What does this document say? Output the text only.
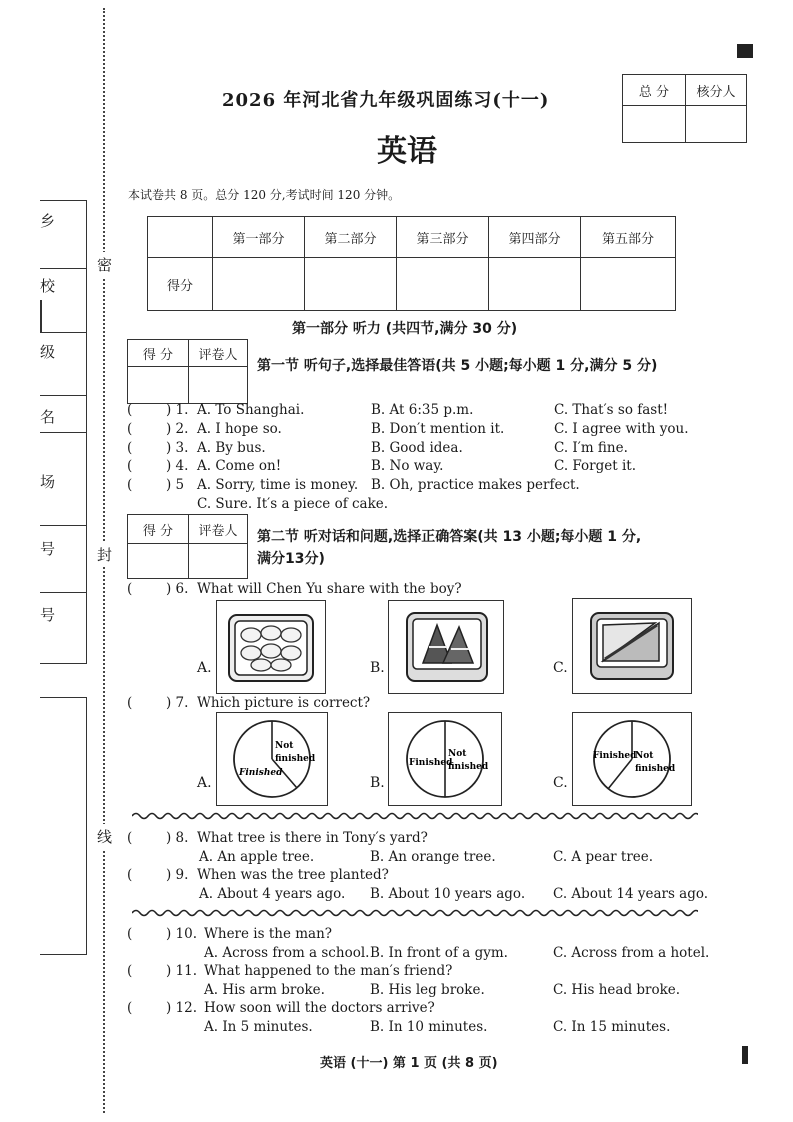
密
封
线
乡
校
级
名
场
号
号
2026 年河北省九年级巩固练习(十一)
英语
总 分	核分人

本试卷共 8 页。总分 120 分,考试时间 120 分钟。
	第一部分	第二部分	第三部分	第四部分	第五部分
得分					
第一部分 听力 (共四节,满分 30 分)
得 分	评卷人

第一节 听句子,选择最佳答语(共 5 小题;每小题 1 分,满分 5 分)
( ) 1. A. To Shanghai.	B. At 6:35 p.m.	C. That′s so fast!
( ) 2. A. I hope so.	B. Don′t mention it.	C. I agree with you.
( ) 3. A. By bus.	B. Good idea.	C. I′m fine.
( ) 4. A. Come on!	B. No way.	C. Forget it.
( ) 5 A. Sorry, time is money. B. Oh, practice makes perfect.
C. Sure. It′s a piece of cake.
得 分	评卷人
	第二节 听对话和问题,选择正确答案(共 13 小题;每小题 1 分,
满分13分)
( ) 6. What will Chen Yu share with the boy?
A.	B.	C.
( ) 7. Which picture is correct?
A.
Not
finished
Finished
B.
Finished
Not
finished
C.
Finished
Not
finished
( ) 8. What tree is there in Tony′s yard?
A. An apple tree.	B. An orange tree.	C. A pear tree.
( ) 9. When was the tree planted?
A. About 4 years ago. B. About 10 years ago. C. About 14 years ago.
( ) 10. Where is the man?
A. Across from a school. B. In front of a gym.	C. Across from a hotel.
( ) 11. What happened to the man′s friend?
A. His arm broke.	B. His leg broke.	C. His head broke.
( ) 12. How soon will the doctors arrive?
A. In 5 minutes.	B. In 10 minutes.	C. In 15 minutes.
英语 (十一) 第 1 页 (共 8 页)
